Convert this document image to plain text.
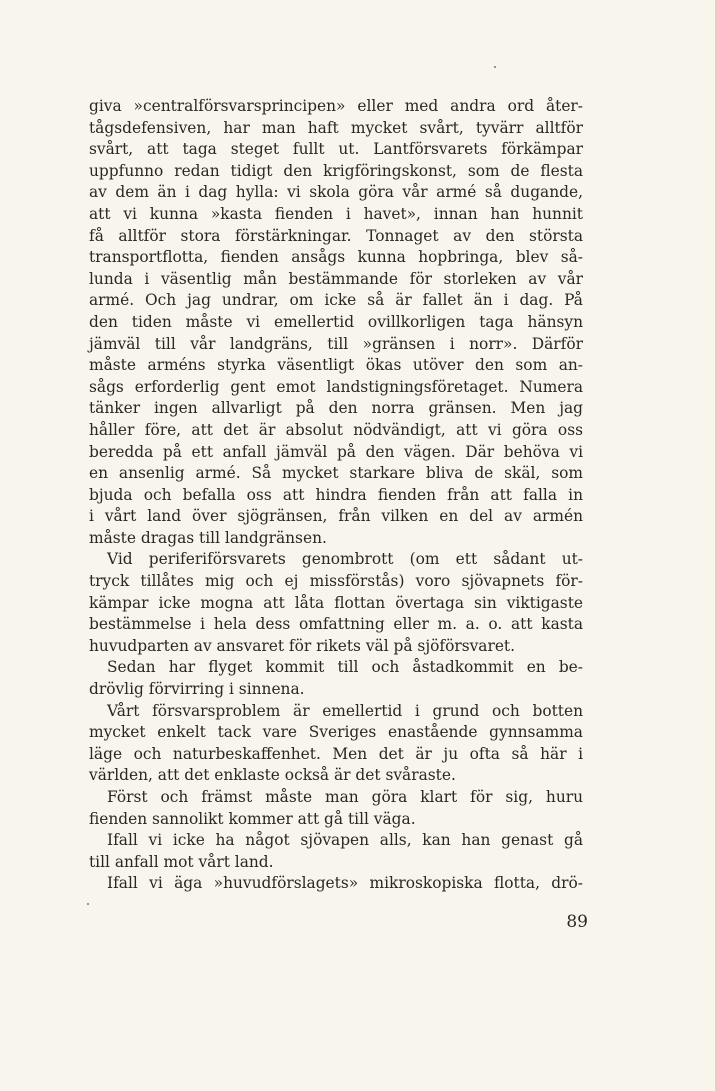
giva »centralförsvarsprincipen» eller med andra ord åter-
tågsdefensiven, har man haft mycket svårt, tyvärr alltför
svårt, att taga steget fullt ut. Lantförsvarets förkämpar
uppfunno redan tidigt den krigföringskonst, som de flesta
av dem än i dag hylla: vi skola göra vår armé så dugande,
att vi kunna »kasta fienden i havet», innan han hunnit
få alltför stora förstärkningar. Tonnaget av den största
transportflotta, fienden ansågs kunna hopbringa, blev så-
lunda i väsentlig mån bestämmande för storleken av vår
armé. Och jag undrar, om icke så är fallet än i dag. På
den tiden måste vi emellertid ovillkorligen taga hänsyn
jämväl till vår landgräns, till »gränsen i norr». Därför
måste arméns styrka väsentligt ökas utöver den som an-
sågs erforderlig gent emot landstigningsföretaget. Numera
tänker ingen allvarligt på den norra gränsen. Men jag
håller före, att det är absolut nödvändigt, att vi göra oss
beredda på ett anfall jämväl på den vägen. Där behöva vi
en ansenlig armé. Så mycket starkare bliva de skäl, som
bjuda och befalla oss att hindra fienden från att falla in
i vårt land över sjögränsen, från vilken en del av armén
måste dragas till landgränsen.
Vid periferiförsvarets genombrott (om ett sådant ut-
tryck tillåtes mig och ej missförstås) voro sjövapnets för-
kämpar icke mogna att låta flottan övertaga sin viktigaste
bestämmelse i hela dess omfattning eller m. a. o. att kasta
huvudparten av ansvaret för rikets väl på sjöförsvaret.
Sedan har flyget kommit till och åstadkommit en be-
drövlig förvirring i sinnena.
Vårt försvarsproblem är emellertid i grund och botten
mycket enkelt tack vare Sveriges enastående gynnsamma
läge och naturbeskaffenhet. Men det är ju ofta så här i
världen, att det enklaste också är det svåraste.
Först och främst måste man göra klart för sig, huru
fienden sannolikt kommer att gå till väga.
Ifall vi icke ha något sjövapen alls, kan han genast gå
till anfall mot vårt land.
Ifall vi äga »huvudförslagets» mikroskopiska flotta, drö-
89
